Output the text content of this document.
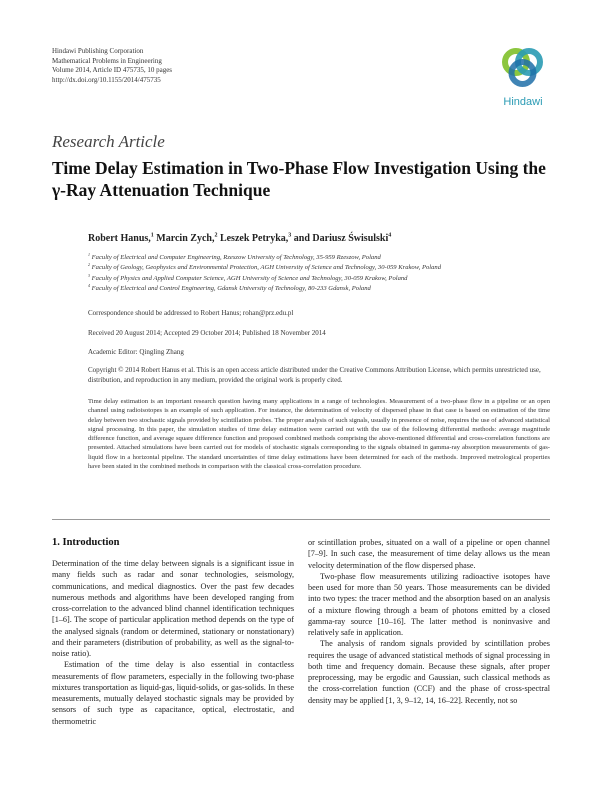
Hindawi Publishing Corporation
Mathematical Problems in Engineering
Volume 2014, Article ID 475735, 10 pages
http://dx.doi.org/10.1155/2014/475735
Hindawi
Research Article
Time Delay Estimation in Two-Phase Flow Investigation Using the γ-Ray Attenuation Technique
Robert Hanus,$^1$ Marcin Zych,$^2$ Leszek Petryka,$^3$ and Dariusz Świsulski$^4$
$^1$ Faculty of Electrical and Computer Engineering, Rzeszow University of Technology, 35-959 Rzeszow, Poland
$^2$ Faculty of Geology, Geophysics and Environmental Protection, AGH University of Science and Technology, 30-059 Krakow, Poland
$^3$ Faculty of Physics and Applied Computer Science, AGH University of Science and Technology, 30-059 Krakow, Poland
$^4$ Faculty of Electrical and Control Engineering, Gdansk University of Technology, 80-233 Gdansk, Poland
Correspondence should be addressed to Robert Hanus; rohan@prz.edu.pl
Received 20 August 2014; Accepted 29 October 2014; Published 18 November 2014
Academic Editor: Qingling Zhang
Copyright © 2014 Robert Hanus et al. This is an open access article distributed under the Creative Commons Attribution License, which permits unrestricted use, distribution, and reproduction in any medium, provided the original work is properly cited.
Time delay estimation is an important research question having many applications in a range of technologies. Measurement of a two-phase flow in a pipeline or an open channel using radioisotopes is an example of such application. For instance, the determination of velocity of dispersed phase in that case is based on estimation of the time delay between two stochastic signals provided by scintillation probes. The proper analysis of such signals, usually in presence of noise, requires the use of advanced statistical signal processing. In this paper, the simulation studies of time delay estimation were carried out with the use of the following differential methods: average magnitude difference function, and average square difference function and proposed combined methods comprising the above-mentioned differential and cross-correlation functions are presented. Attached simulations have been carried out for models of stochastic signals corresponding to the signals obtained in gamma-ray absorption measurements of gas-liquid flow in a horizontal pipeline. The standard uncertainties of time delay estimations have been determined for each of the methods. Improved metrological properties have been stated in the combined methods in comparison with the classical cross-correlation procedure.
1. Introduction

Determination of the time delay between signals is a significant issue in many fields such as radar and sonar technologies, seismology, communications, and medical diagnostics. Over the past few decades numerous methods and algorithms have been developed ranging from cross-correlation to the advanced blind channel identification techniques [1–6]. The scope of particular application method depends on the type of the analysed signals (random or determined, stationary or nonstationary) and their parameters (distribution of probability, as well as the signal-to-noise ratio).

Estimation of the time delay is also essential in contactless measurements of flow parameters, especially in the following two-phase mixtures transportation as liquid-gas, liquid-solids, or gas-solids. In these measurements, mutually delayed stochastic signals may be provided by sensors of such type as capacitance, optical, electrostatic, and thermometric

or scintillation probes, situated on a wall of a pipeline or open channel [7–9]. In such case, the measurement of time delay allows us the mean velocity determination of the flow dispersed phase.

Two-phase flow measurements utilizing radioactive isotopes have been used for more than 50 years. Those measurements can be divided into two types: the tracer method and the absorption based on an analysis of a mixture flowing through a beam of photons emitted by a closed gamma-ray source [10–16]. The latter method is noninvasive and relatively safe in application.

The analysis of random signals provided by scintillation probes requires the usage of advanced statistical methods of signal processing in both time and frequency domain. Because these signals, after proper preprocessing, may be ergodic and Gaussian, such classical methods as the cross-correlation function (CCF) and the phase of cross-spectral density may be applied [1, 3, 9–12, 14, 16–22]. Recently, not so
